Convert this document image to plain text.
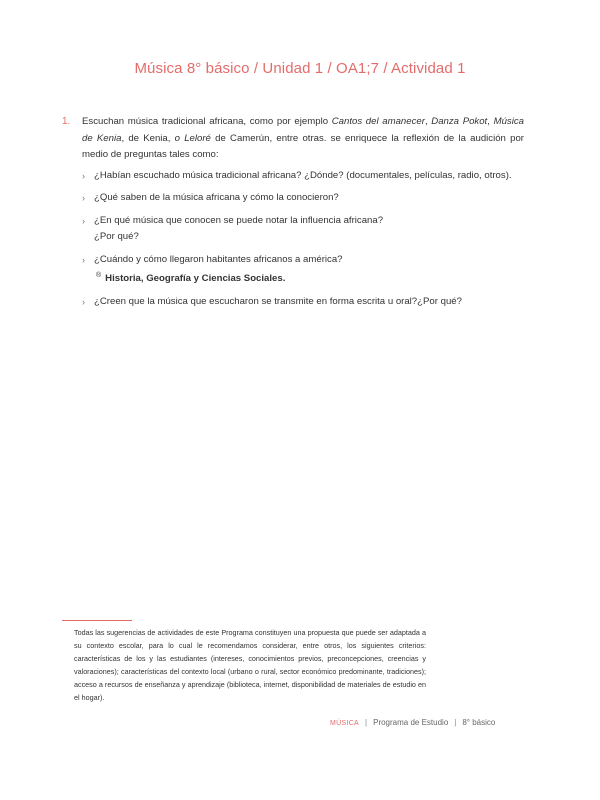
Música 8° básico / Unidad 1 / OA1;7 / Actividad 1
1. Escuchan música tradicional africana, como por ejemplo Cantos del amanecer, Danza Pokot, Música de Kenia, de Kenia, o Leloré de Camerún, entre otras. se enriquece la reflexión de la audición por medio de preguntas tales como:
› ¿Habían escuchado música tradicional africana? ¿Dónde? (documentales, películas, radio, otros).
› ¿Qué saben de la música africana y cómo la conocieron?
› ¿En qué música que conocen se puede notar la influencia africana?
¿Por qué?
› ¿Cuándo y cómo llegaron habitantes africanos a américa?
® Historia, Geografía y Ciencias Sociales.
› ¿Creen que la música que escucharon se transmite en forma escrita u oral?¿Por qué?
Todas las sugerencias de actividades de este Programa constituyen una propuesta que puede ser adaptada a su contexto escolar, para lo cual le recomendamos considerar, entre otros, los siguientes criterios: características de los y las estudiantes (intereses, conocimientos previos, preconcepciones, creencias y valoraciones); características del contexto local (urbano o rural, sector económico predominante, tradiciones); acceso a recursos de enseñanza y aprendizaje (biblioteca, internet, disponibilidad de materiales de estudio en el hogar).
MÚSICA | Programa de Estudio | 8° básico
